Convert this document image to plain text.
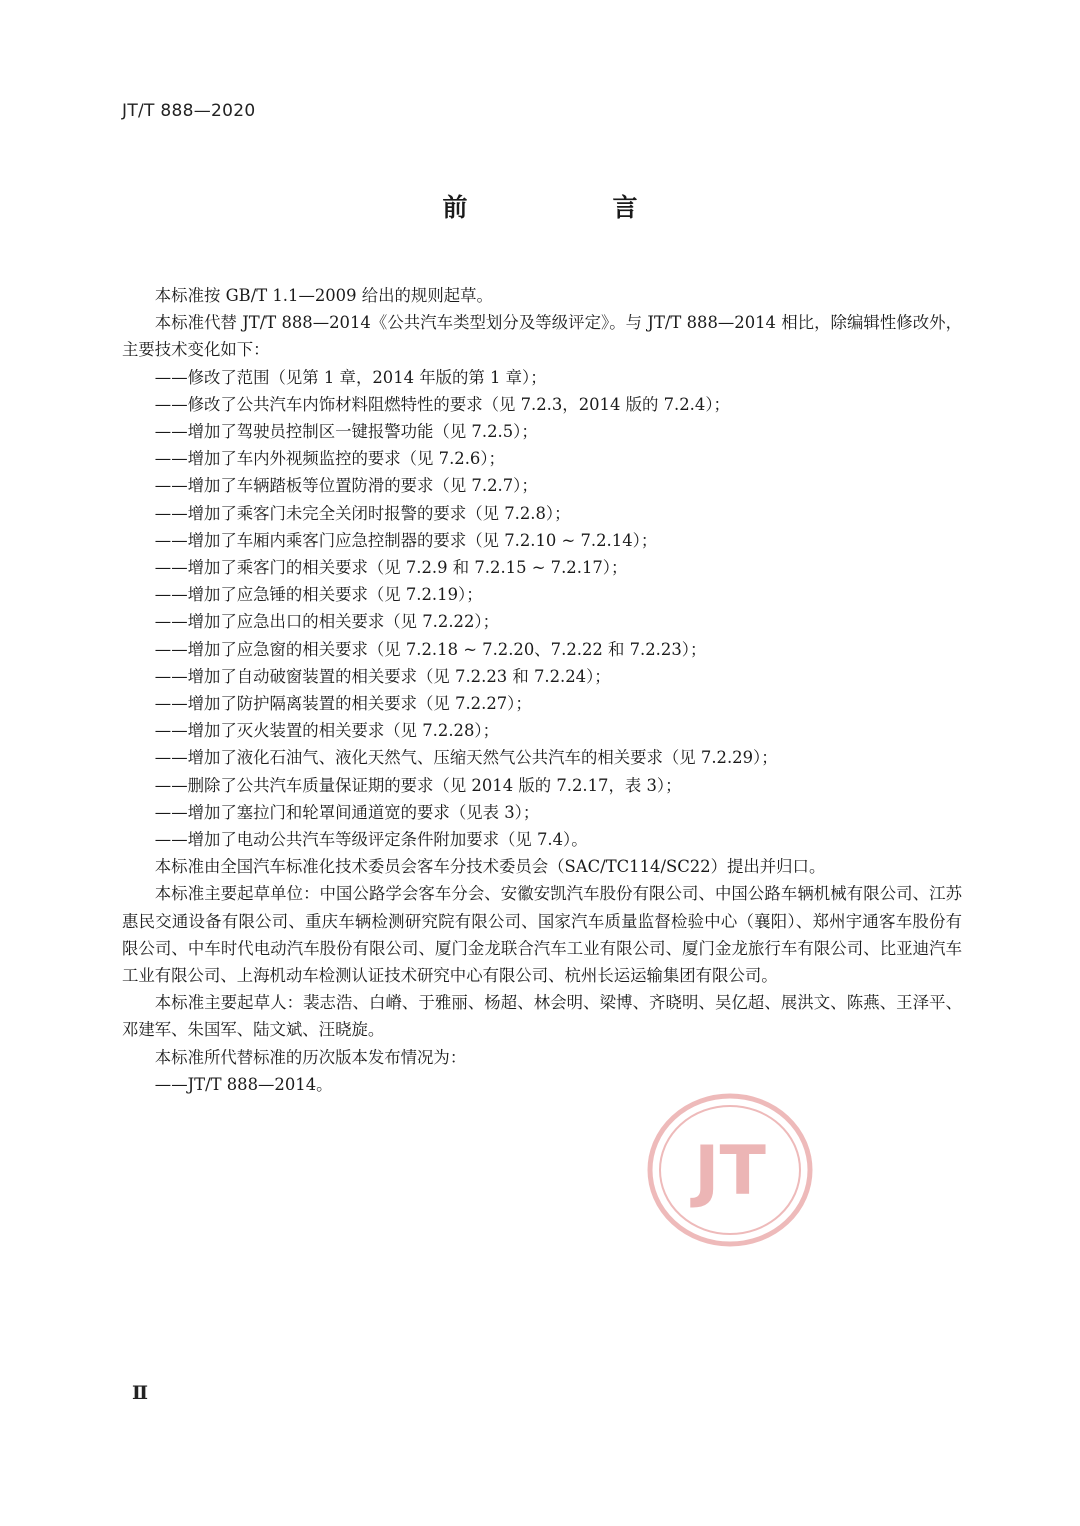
JT/T 888—2020
前　言

本标准按 GB/T 1.1—2009 给出的规则起草。

本标准代替 JT/T 888—2014《公共汽车类型划分及等级评定》。与 JT/T 888—2014 相比，除编辑性修改外，主要技术变化如下：

——修改了范围（见第 1 章，2014 年版的第 1 章）；

——修改了公共汽车内饰材料阻燃特性的要求（见 7.2.3，2014 版的 7.2.4）；

——增加了驾驶员控制区一键报警功能（见 7.2.5）；

——增加了车内外视频监控的要求（见 7.2.6）；

——增加了车辆踏板等位置防滑的要求（见 7.2.7）；

——增加了乘客门未完全关闭时报警的要求（见 7.2.8）；

——增加了车厢内乘客门应急控制器的要求（见 7.2.10 ~ 7.2.14）；

——增加了乘客门的相关要求（见 7.2.9 和 7.2.15 ~ 7.2.17）；

——增加了应急锤的相关要求（见 7.2.19）；

——增加了应急出口的相关要求（见 7.2.22）；

——增加了应急窗的相关要求（见 7.2.18 ~ 7.2.20、7.2.22 和 7.2.23）；

——增加了自动破窗装置的相关要求（见 7.2.23 和 7.2.24）；

——增加了防护隔离装置的相关要求（见 7.2.27）；

——增加了灭火装置的相关要求（见 7.2.28）；

——增加了液化石油气、液化天然气、压缩天然气公共汽车的相关要求（见 7.2.29）；

——删除了公共汽车质量保证期的要求（见 2014 版的 7.2.17，表 3）；

——增加了塞拉门和轮罩间通道宽的要求（见表 3）；

——增加了电动公共汽车等级评定条件附加要求（见 7.4）。

本标准由全国汽车标准化技术委员会客车分技术委员会（SAC/TC114/SC22）提出并归口。

本标准主要起草单位：中国公路学会客车分会、安徽安凯汽车股份有限公司、中国公路车辆机械有限公司、江苏惠民交通设备有限公司、重庆车辆检测研究院有限公司、国家汽车质量监督检验中心（襄阳）、郑州宇通客车股份有限公司、中车时代电动汽车股份有限公司、厦门金龙联合汽车工业有限公司、厦门金龙旅行车有限公司、比亚迪汽车工业有限公司、上海机动车检测认证技术研究中心有限公司、杭州长运运输集团有限公司。

本标准主要起草人：裴志浩、白嵴、于雅丽、杨超、林会明、梁博、齐晓明、吴亿超、展洪文、陈燕、王泽平、邓建军、朱国军、陆文斌、汪晓旋。

本标准所代替标准的历次版本发布情况为：

——JT/T 888—2014。

JT
Ⅱ
